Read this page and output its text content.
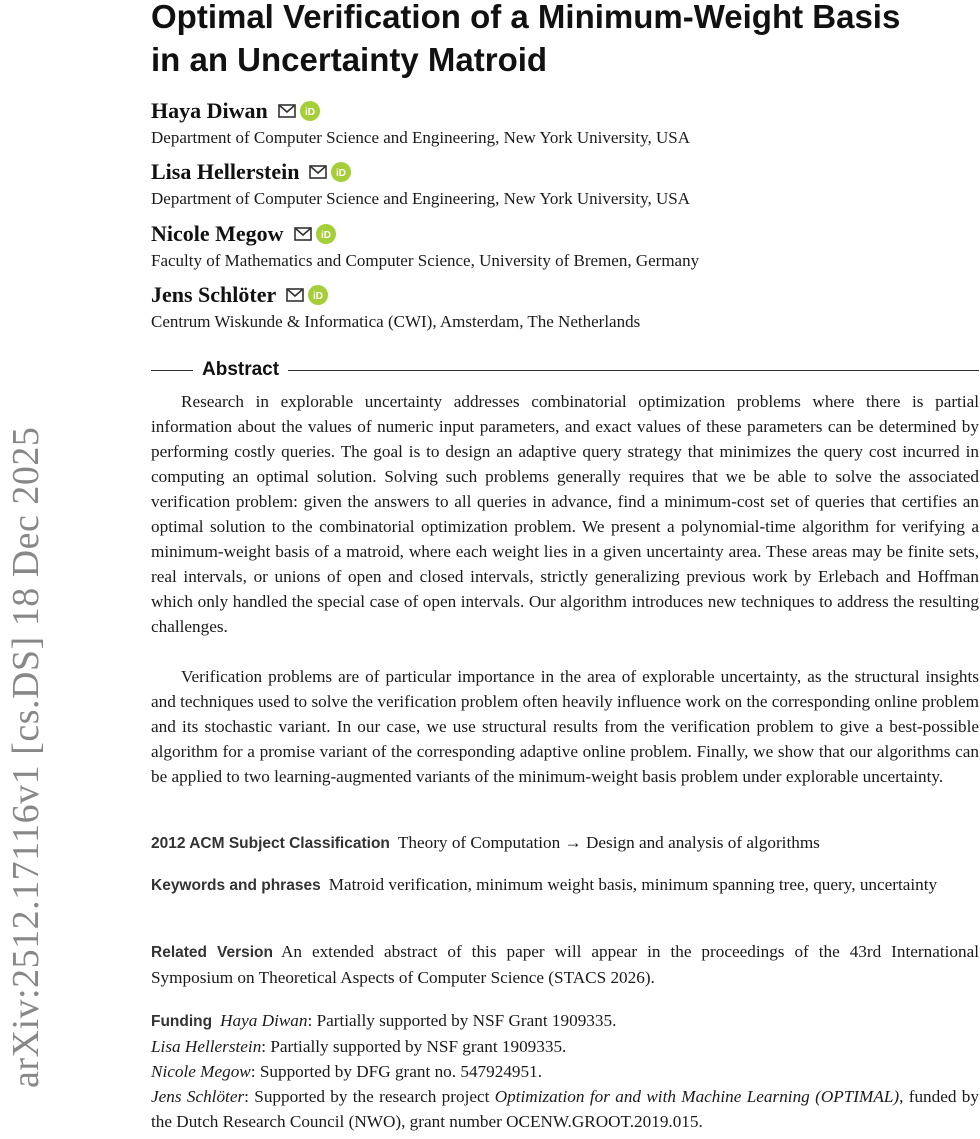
arXiv:2512.17116v1 [cs.DS] 18 Dec 2025
Optimal Verification of a Minimum-Weight Basis
in an Uncertainty Matroid
Haya Diwan	iD
Department of Computer Science and Engineering, New York University, USA
Lisa Hellerstein	iD
Department of Computer Science and Engineering, New York University, USA
Nicole Megow	iD
Faculty of Mathematics and Computer Science, University of Bremen, Germany
Jens Schlöter	iD
Centrum Wiskunde & Informatica (CWI), Amsterdam, The Netherlands
Abstract

Research in explorable uncertainty addresses combinatorial optimization problems where there is partial information about the values of numeric input parameters, and exact values of these parameters can be determined by performing costly queries. The goal is to design an adaptive query strategy that minimizes the query cost incurred in computing an optimal solution. Solving such problems generally requires that we be able to solve the associated verification problem: given the answers to all queries in advance, find a minimum-cost set of queries that certifies an optimal solution to the combinatorial optimization problem. We present a polynomial-time algorithm for verifying a minimum-weight basis of a matroid, where each weight lies in a given uncertainty area. These areas may be finite sets, real intervals, or unions of open and closed intervals, strictly generalizing previous work by Erlebach and Hoffman which only handled the special case of open intervals. Our algorithm introduces new techniques to address the resulting challenges.

Verification problems are of particular importance in the area of explorable uncertainty, as the structural insights and techniques used to solve the verification problem often heavily influence work on the corresponding online problem and its stochastic variant. In our case, we use structural results from the verification problem to give a best-possible algorithm for a promise variant of the corresponding adaptive online problem. Finally, we show that our algorithms can be applied to two learning-augmented variants of the minimum-weight basis problem under explorable uncertainty.

2012 ACM Subject Classification Theory of Computation → Design and analysis of algorithms

Keywords and phrases Matroid verification, minimum weight basis, minimum spanning tree, query, uncertainty

Related Version An extended abstract of this paper will appear in the proceedings of the 43rd International Symposium on Theoretical Aspects of Computer Science (STACS 2026).

Funding Haya Diwan: Partially supported by NSF Grant 1909335.
Lisa Hellerstein: Partially supported by NSF grant 1909335.
Nicole Megow: Supported by DFG grant no. 547924951.
Jens Schlöter: Supported by the research project Optimization for and with Machine Learning (OPTIMAL), funded by the Dutch Research Council (NWO), grant number OCENW.GROOT.2019.015.
